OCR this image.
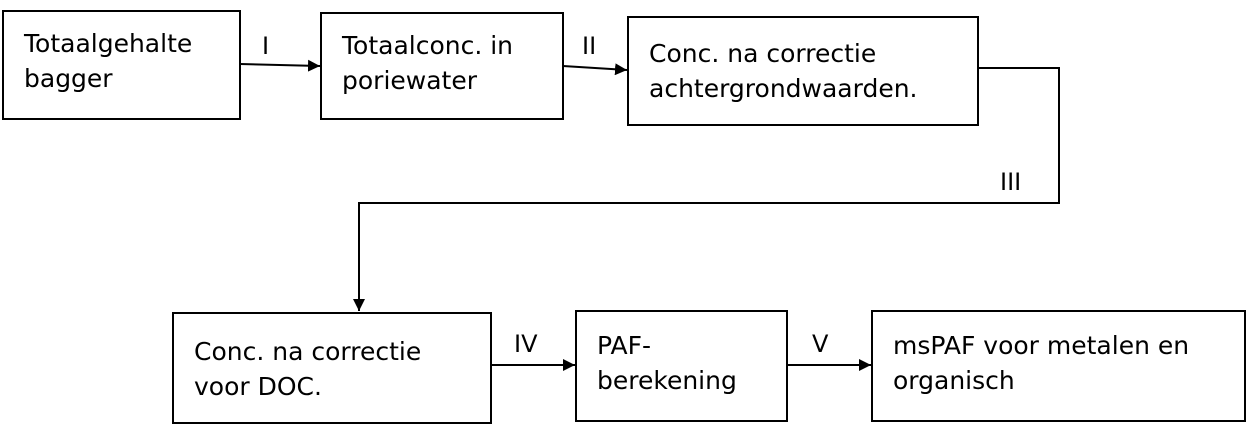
Totaalgehalte
bagger
Totaalconc. in
poriewater
Conc. na correctie
achtergrondwaarden.
Conc. na correctie
voor DOC.
PAF-
berekening
msPAF voor metalen en
organisch
I	II
III
IV	V
